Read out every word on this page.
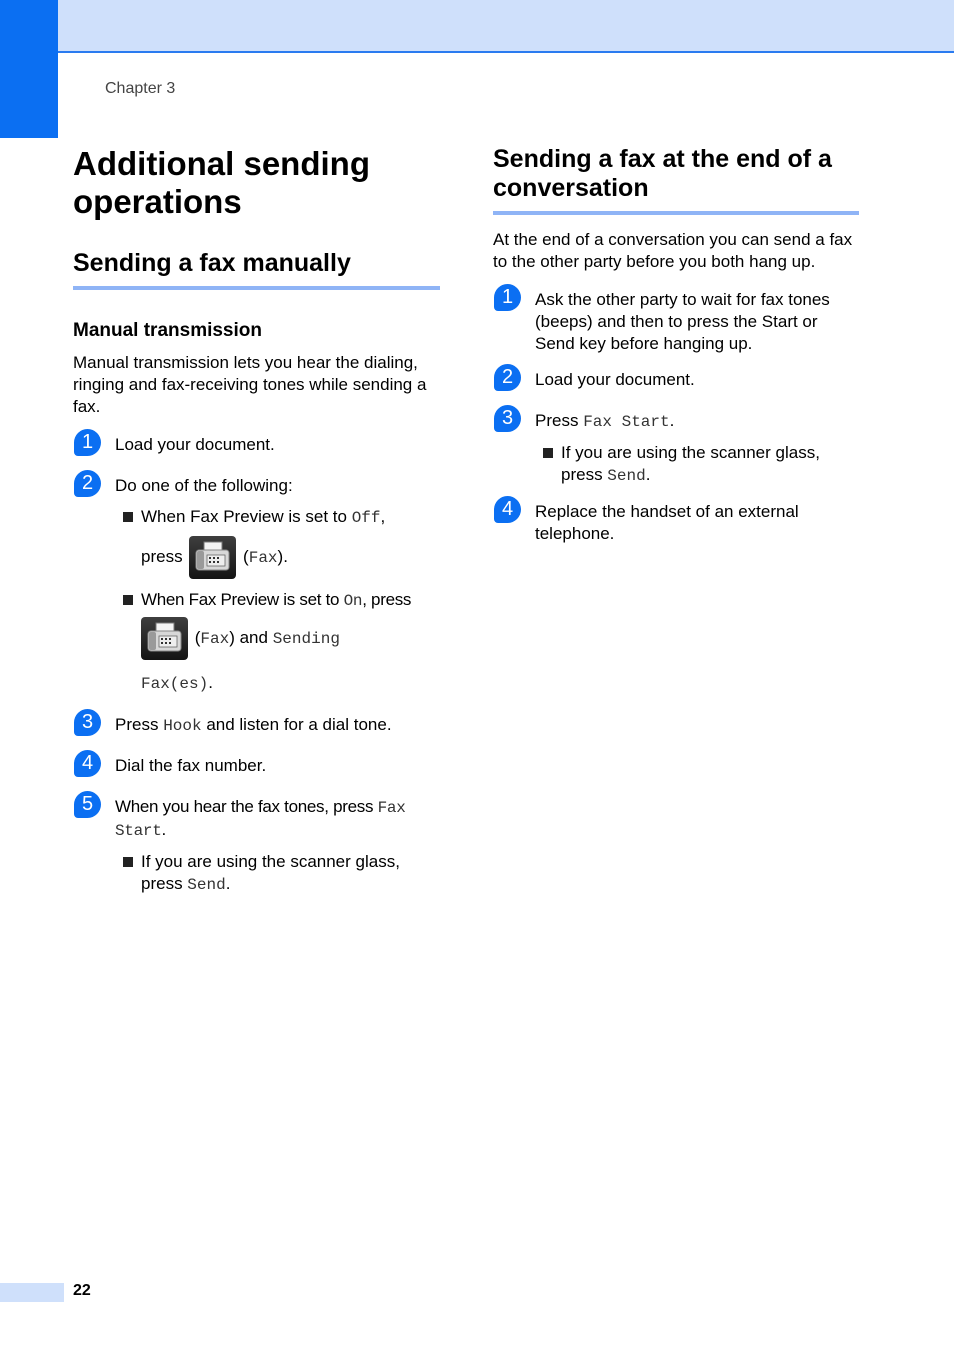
Chapter 3
Additional sending operations
Sending a fax manually
Manual transmission

Manual transmission lets you hear the dialing, ringing and fax-receiving tones while sending a fax.

1	Load your document.
2	Do one of the following:
When Fax Preview is set to Off,
press	(Fax).
When Fax Preview is set to On, press
(Fax) and Sending Fax(es).
3	Press Hook and listen for a dial tone.
4	Dial the fax number.
5	When you hear the fax tones, press Fax Start.
If you are using the scanner glass, press Send.
Sending a fax at the end of a conversation

At the end of a conversation you can send a fax to the other party before you both hang up.

1	Ask the other party to wait for fax tones (beeps) and then to press the Start or Send key before hanging up.
2	Load your document.
3	Press Fax Start.
If you are using the scanner glass, press Send.
4	Replace the handset of an external telephone.
22
